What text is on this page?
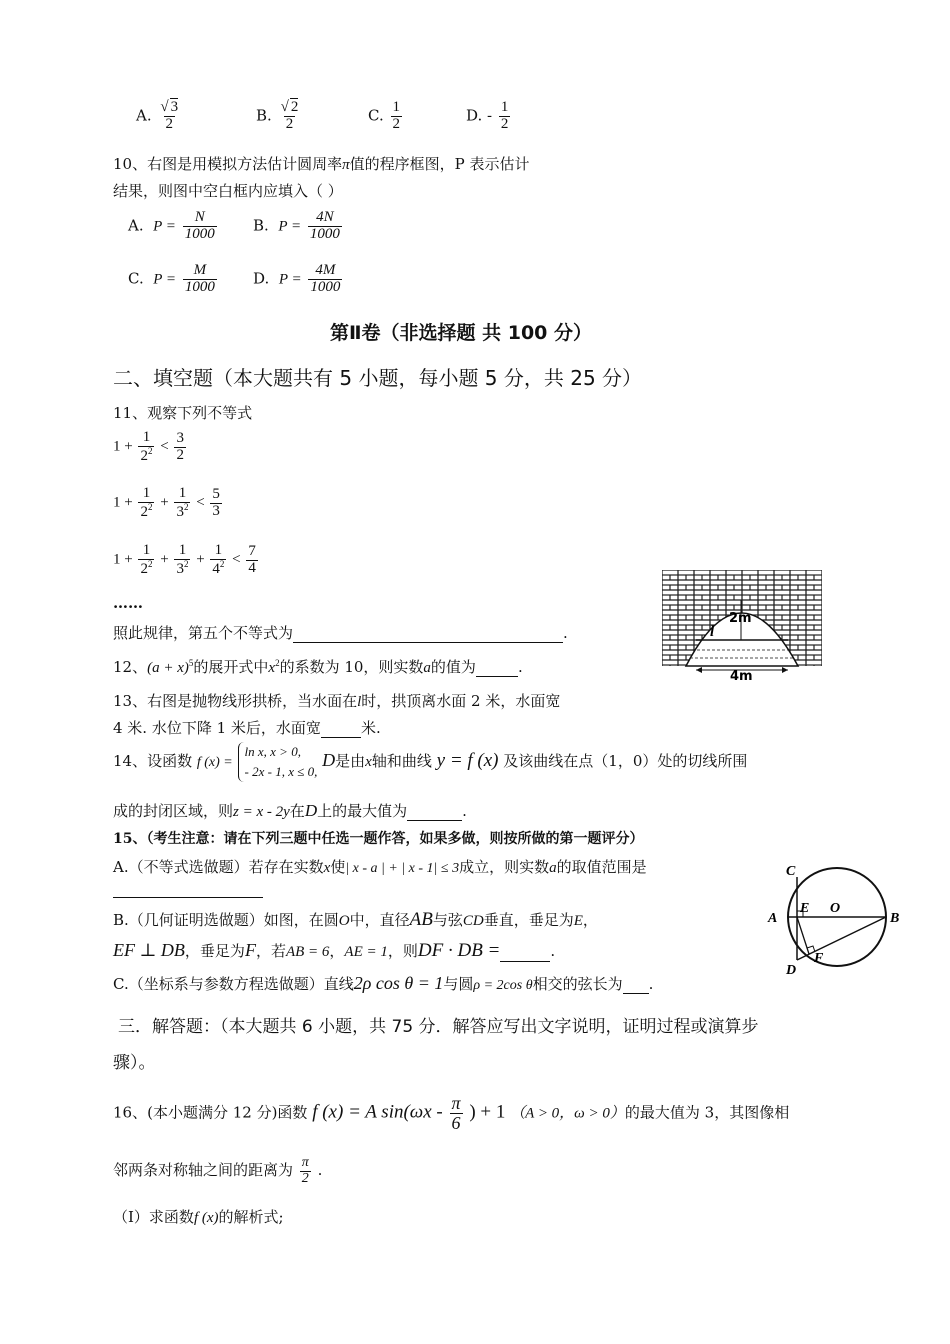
A. $\frac{√ 3}{2}$	B. $\frac{√ 2}{2}$	C. $\frac{1}{2}$	D. - $\frac{1}{2}$
10、右图是用模拟方法估计圆周率π值的程序框图，P 表示估计
结果，则图中空白框内应填入（ ）
A. $P = \frac{N}{1000} B$. $P = \frac{4N}{1000}$
C. $P = \frac{M}{1000} D$. $P = \frac{4M}{1000}$
第Ⅱ卷（非选择题 共 100 分）
二、填空题（本大题共有 5 小题，每小题 5 分，共 25 分）
11、观察下列不等式
$1 + \frac{1}{2^2} < \frac{3}{2}$
$1 + \frac{1}{2^2} + \frac{1}{3^2} < \frac{5}{3}$
$1 + \frac{1}{2^2} + \frac{1}{3^2} + \frac{1}{4^2} < \frac{7}{4}$
……
照此规律，第五个不等式为	.
2m
4m
l
12、$(a + x)^5$的展开式中$x^2$的系数为 10，则实数a的值为	.
13、右图是抛物线形拱桥，当水面在l时，拱顶离水面 2 米，水面宽
4 米. 水位下降 1 米后，水面宽	米.
14、设函数 f (x) = ln x, x > 0,
- 2x - 1, x ≤ 0, D是由x轴和曲线 y = f (x) 及该曲线在点（1，0）处的切线所围
成的封闭区域，则z = x - 2y在D上的最大值为	.
15、（考生注意：请在下列三题中任选一题作答，如果多做，则按所做的第一题评分）
A.（不等式选做题）若存在实数x使| x - a | + | x - 1| ≤ 3成立，则实数a的取值范围是
B.（几何证明选做题）如图，在圆O中，直径AB与弦CD垂直，垂足为E，
EF ⊥ DB，垂足为F，若AB = 6，AE = 1，则DF · DB =	.
C.（坐标系与参数方程选做题）直线2ρ cos θ = 1与圆ρ = 2cos θ相交的弦长为 .
C
A
E O
B
D
F
三．解答题：（本大题共 6 小题，共 75 分．解答应写出文字说明，证明过程或演算步
骤）。
16、(本小题满分 12 分)函数 f (x) = A $\sin(\omega x - \frac{\pi}{6}$ ) + 1 （A > 0，ω > 0）的最大值为 3，其图像相
邻两条对称轴之间的距离为 $\frac{\pi}{2}$ .
（Ⅰ）求函数f (x)的解析式;
